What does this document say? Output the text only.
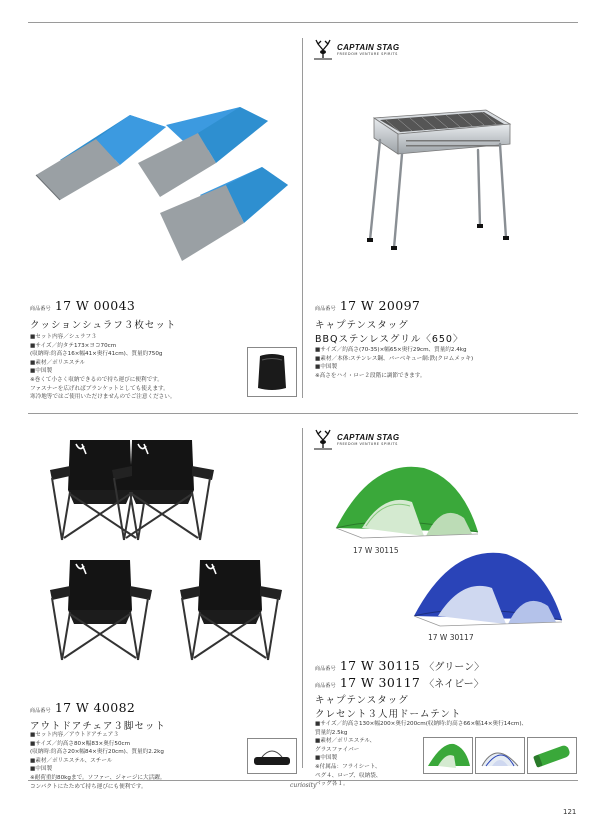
商品番号 17 W 00043
クッションシュラフ３枚セット
■セット内容／シュラフ３
■サイズ／約タテ173×ヨコ70cm
(収納時:約高さ16×幅41×奥行41cm)、質量約750g
■素材／ポリエステル
■中国製
※巻くて小さく収納できるので持ち運びに便利です。
ファスナーを広げればブランケットとしても使えます。
寒冷地等ではご使用いただけませんのでご注意ください。
CAPTAIN STAG
FREEDOM VENTURE SPIRITS
商品番号 17 W 20097
キャプテンスタッグ
BBQステンレスグリル〈650〉
■サイズ／約高さ(70-35)×幅65×奥行29cm、質量約2.4kg
■素材／本体:ステンレス鋼、バーベキュー網:鉄(クロムメッキ)
■中国製
※高さをハイ・ロー２段階に調節できます。
商品番号 17 W 40082
アウトドアチェア３脚セット
■セット内容／アウトドアチェア３
■サイズ／約高さ80×幅83×奥行50cm
(収納時:約高さ20×幅84×奥行20cm)、質量約2.2kg
■素材／ポリエステル、スチール
■中国製
※耐荷重約80kgまで。ソファー、ジャージに大活躍。
コンパクトにたためて持ち運びにも便利です。
CAPTAIN STAG
FREEDOM VENTURE SPIRITS
17 W 30115
17 W 30117
商品番号 17 W 30115 〈グリーン〉
商品番号 17 W 30117 〈ネイビー〉
キャプテンスタッグ
クレセント３人用ドームテント
■サイズ／約高さ130×幅200×奥行200cm(収納時:約高さ66×幅14×奥行14cm)、
質量約2.5kg
■素材／ポリエステル、
グラスファイバー
■中国製
※付属品：フライシート、
ペグ４、ロープ、収納袋、
バッグ各１。
curiosity
121
